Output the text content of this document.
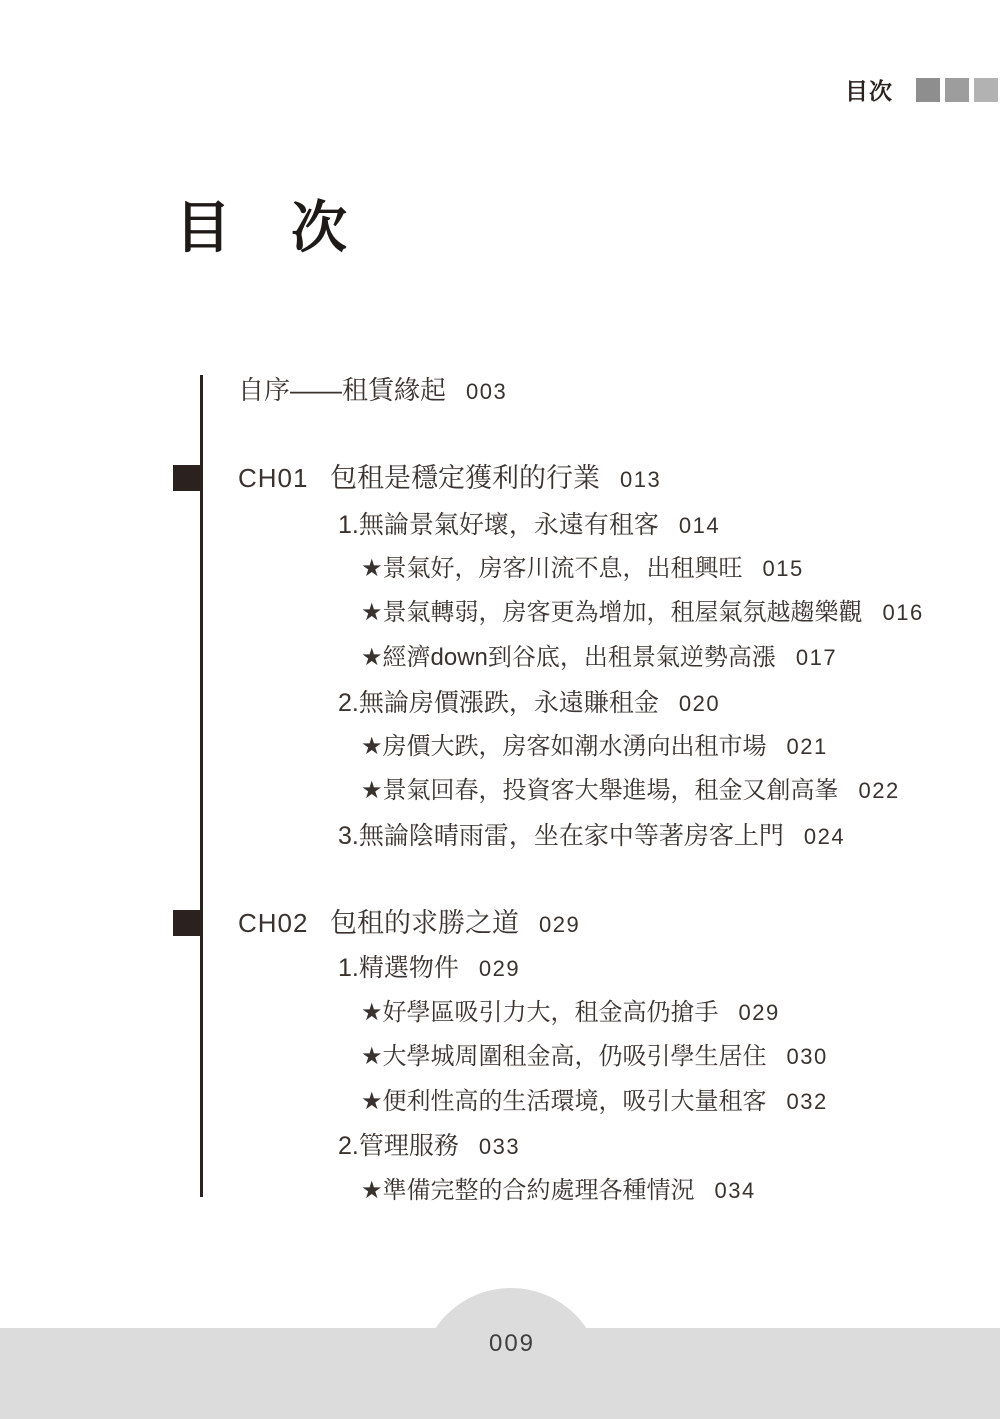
目次
目　次
自序——租賃緣起 003
CH01 包租是穩定獲利的行業 013
1.無論景氣好壞，永遠有租客 014
★景氣好，房客川流不息，出租興旺 015
★景氣轉弱，房客更為增加，租屋氣氛越趨樂觀 016
★經濟down到谷底，出租景氣逆勢高漲 017
2.無論房價漲跌，永遠賺租金 020
★房價大跌，房客如潮水湧向出租市場 021
★景氣回春，投資客大舉進場，租金又創高峯 022
3.無論陰晴雨雷，坐在家中等著房客上門 024
CH02 包租的求勝之道 029
1.精選物件 029
★好學區吸引力大，租金高仍搶手 029
★大學城周圍租金高，仍吸引學生居住 030
★便利性高的生活環境，吸引大量租客 032
2.管理服務 033
★準備完整的合約處理各種情況 034
009
